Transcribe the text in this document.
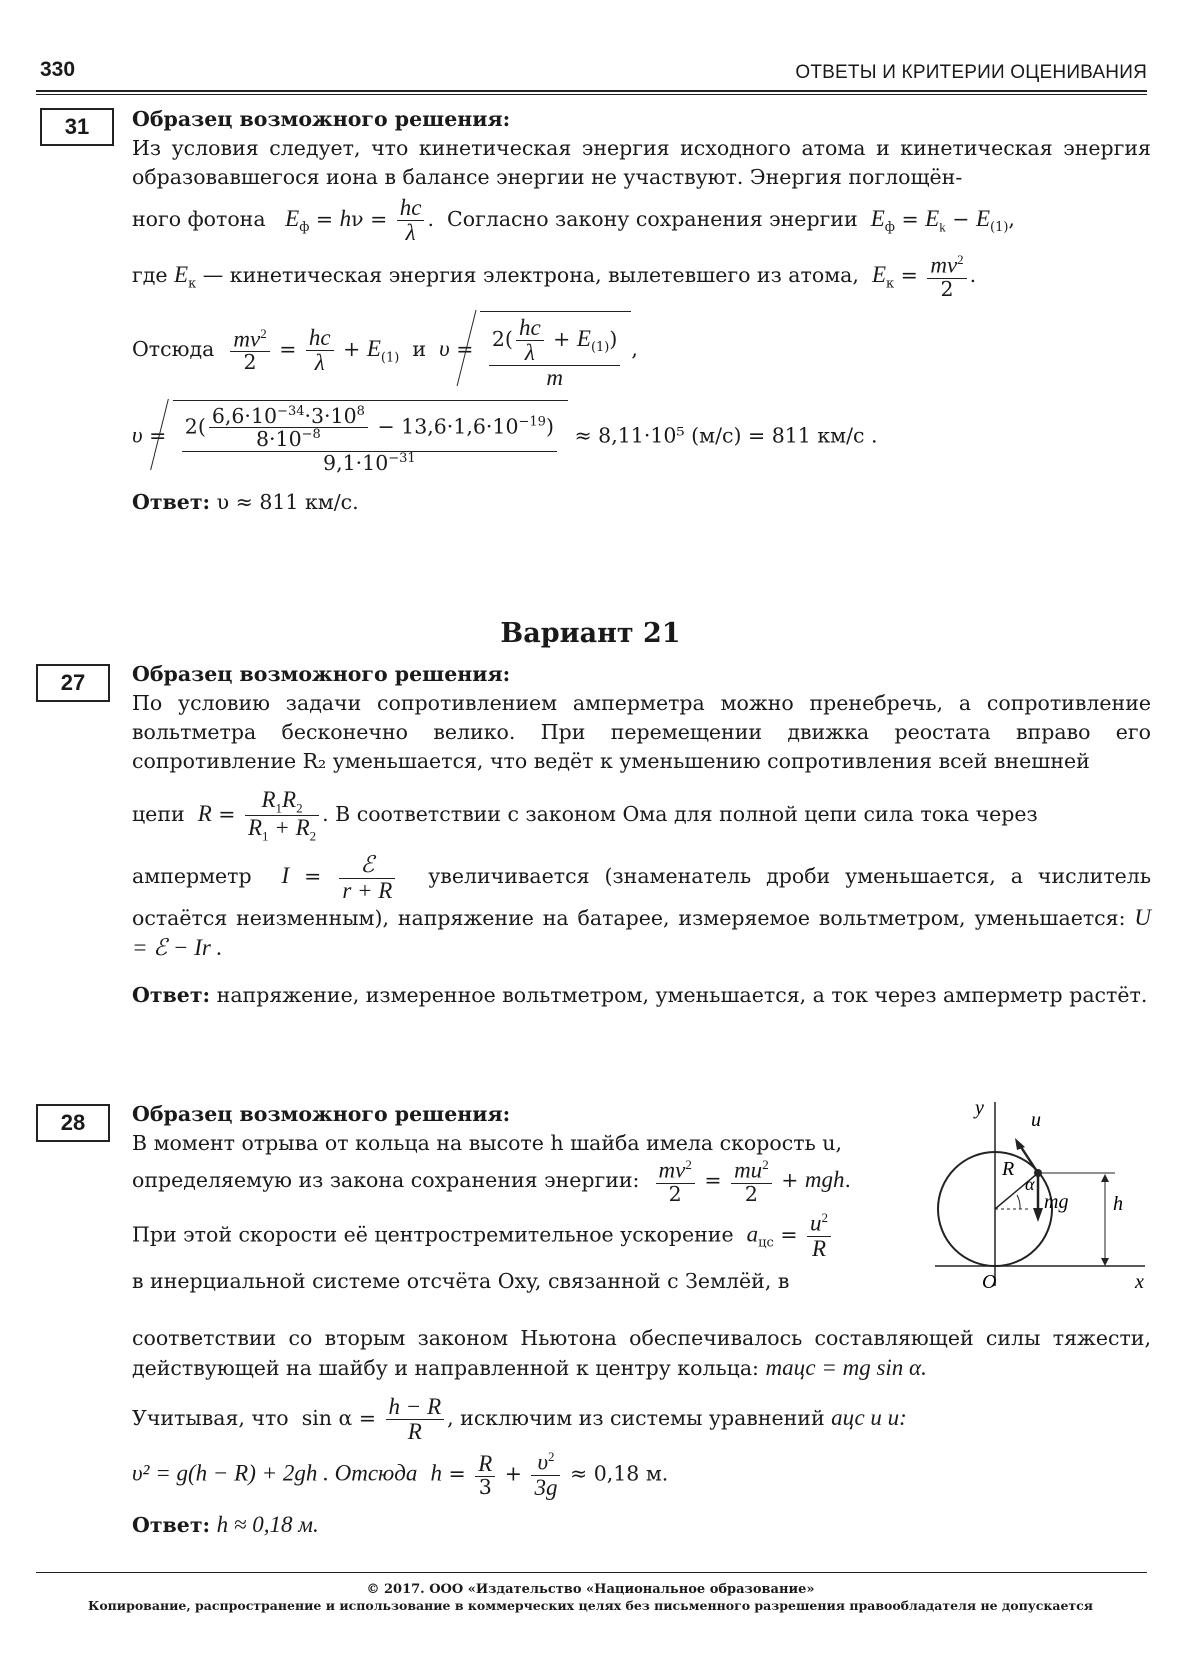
330	ОТВЕТЫ И КРИТЕРИИ ОЦЕНИВАНИЯ
31	Образец возможного решения:

Из условия следует, что кинетическая энергия исходного атома и кинетическая энергия образовавшегося иона в балансе энергии не участвуют. Энергия поглощён-

ного фотона $E_ф = h\nu = \frac{hc}{\lambda}$ .  Согласно закону сохранения энергии $E_ф = E_k - E_{(1)}$,

где $E_к$ — кинетическая энергия электрона, вылетевшего из атома, $E_к = \frac{mv^2}{2}$ .

Отсюда $\frac{mv^2}{2} = \frac{hc}{\lambda} + E_{(1)}$ и $\upsilon = \frac{2( \frac{hc}{\lambda} + E_{(1)})}{m}$ ,

$\upsilon = \frac{2( \frac{6,6\cdot 10^{-34}\cdot 3\cdot 10^8}{8\cdot 10^{-8}} - 13,6\cdot 1,6\cdot 10^{-19})}{9,1\cdot 10^{-31}} \approx 8,11\cdot 10^5$ (м/с) = 811 км/с .

Ответ: υ ≈ 811 км/с.

Вариант 21
27	Образец возможного решения:

По условию задачи сопротивлением амперметра можно пренебречь, а сопротивление вольтметра бесконечно велико. При перемещении движка реостата вправо его сопротивление R₂ уменьшается, что ведёт к уменьшению сопротивления всей внешней

цепи $R = \frac{R_1R_2}{R_1 + R_2}$ . В соответствии с законом Ома для полной цепи сила тока через

амперметр $I = \frac{\text{ℰ}}{r + R}$ увеличивается (знаменатель дроби уменьшается, а числитель остаётся неизменным), напряжение на батарее, измеряемое вольтметром, уменьшается: U = ℰ − Ir .

Ответ: напряжение, измеренное вольтметром, уменьшается, а ток через амперметр растёт.

28	Образец возможного решения:

В момент отрыва от кольца на высоте h шайба имела скорость u,

определяемую из закона сохранения энергии: $\frac{mv^2}{2} = \frac{mu^2}{2}$ + mgh.

При этой скорости её центростремительное ускорение $a_{цс} = \frac{u^2}{R}$

в инерциальной системе отсчёта Oxy, связанной с Землёй, в

соответствии со вторым законом Ньютона обеспечивалось составляющей силы тяжести, действующей на шайбу и направленной к центру кольца: maцс = mg sin α.

Учитывая, что  $\sin \alpha = \frac{h - R}{R}$ , исключим из системы уравнений aцс и u:

υ² = g(h − R) + 2gh . Отсюда $h = \frac{R}{3} + \frac{\upsilon^2}{3g} \approx 0,18$ м.

Ответ: h ≈ 0,18 м.

y
u
R
α
mg h
O	x
© 2017. ООО «Издательство «Национальное образование»
Копирование, распространение и использование в коммерческих целях без письменного разрешения правообладателя не допускается
